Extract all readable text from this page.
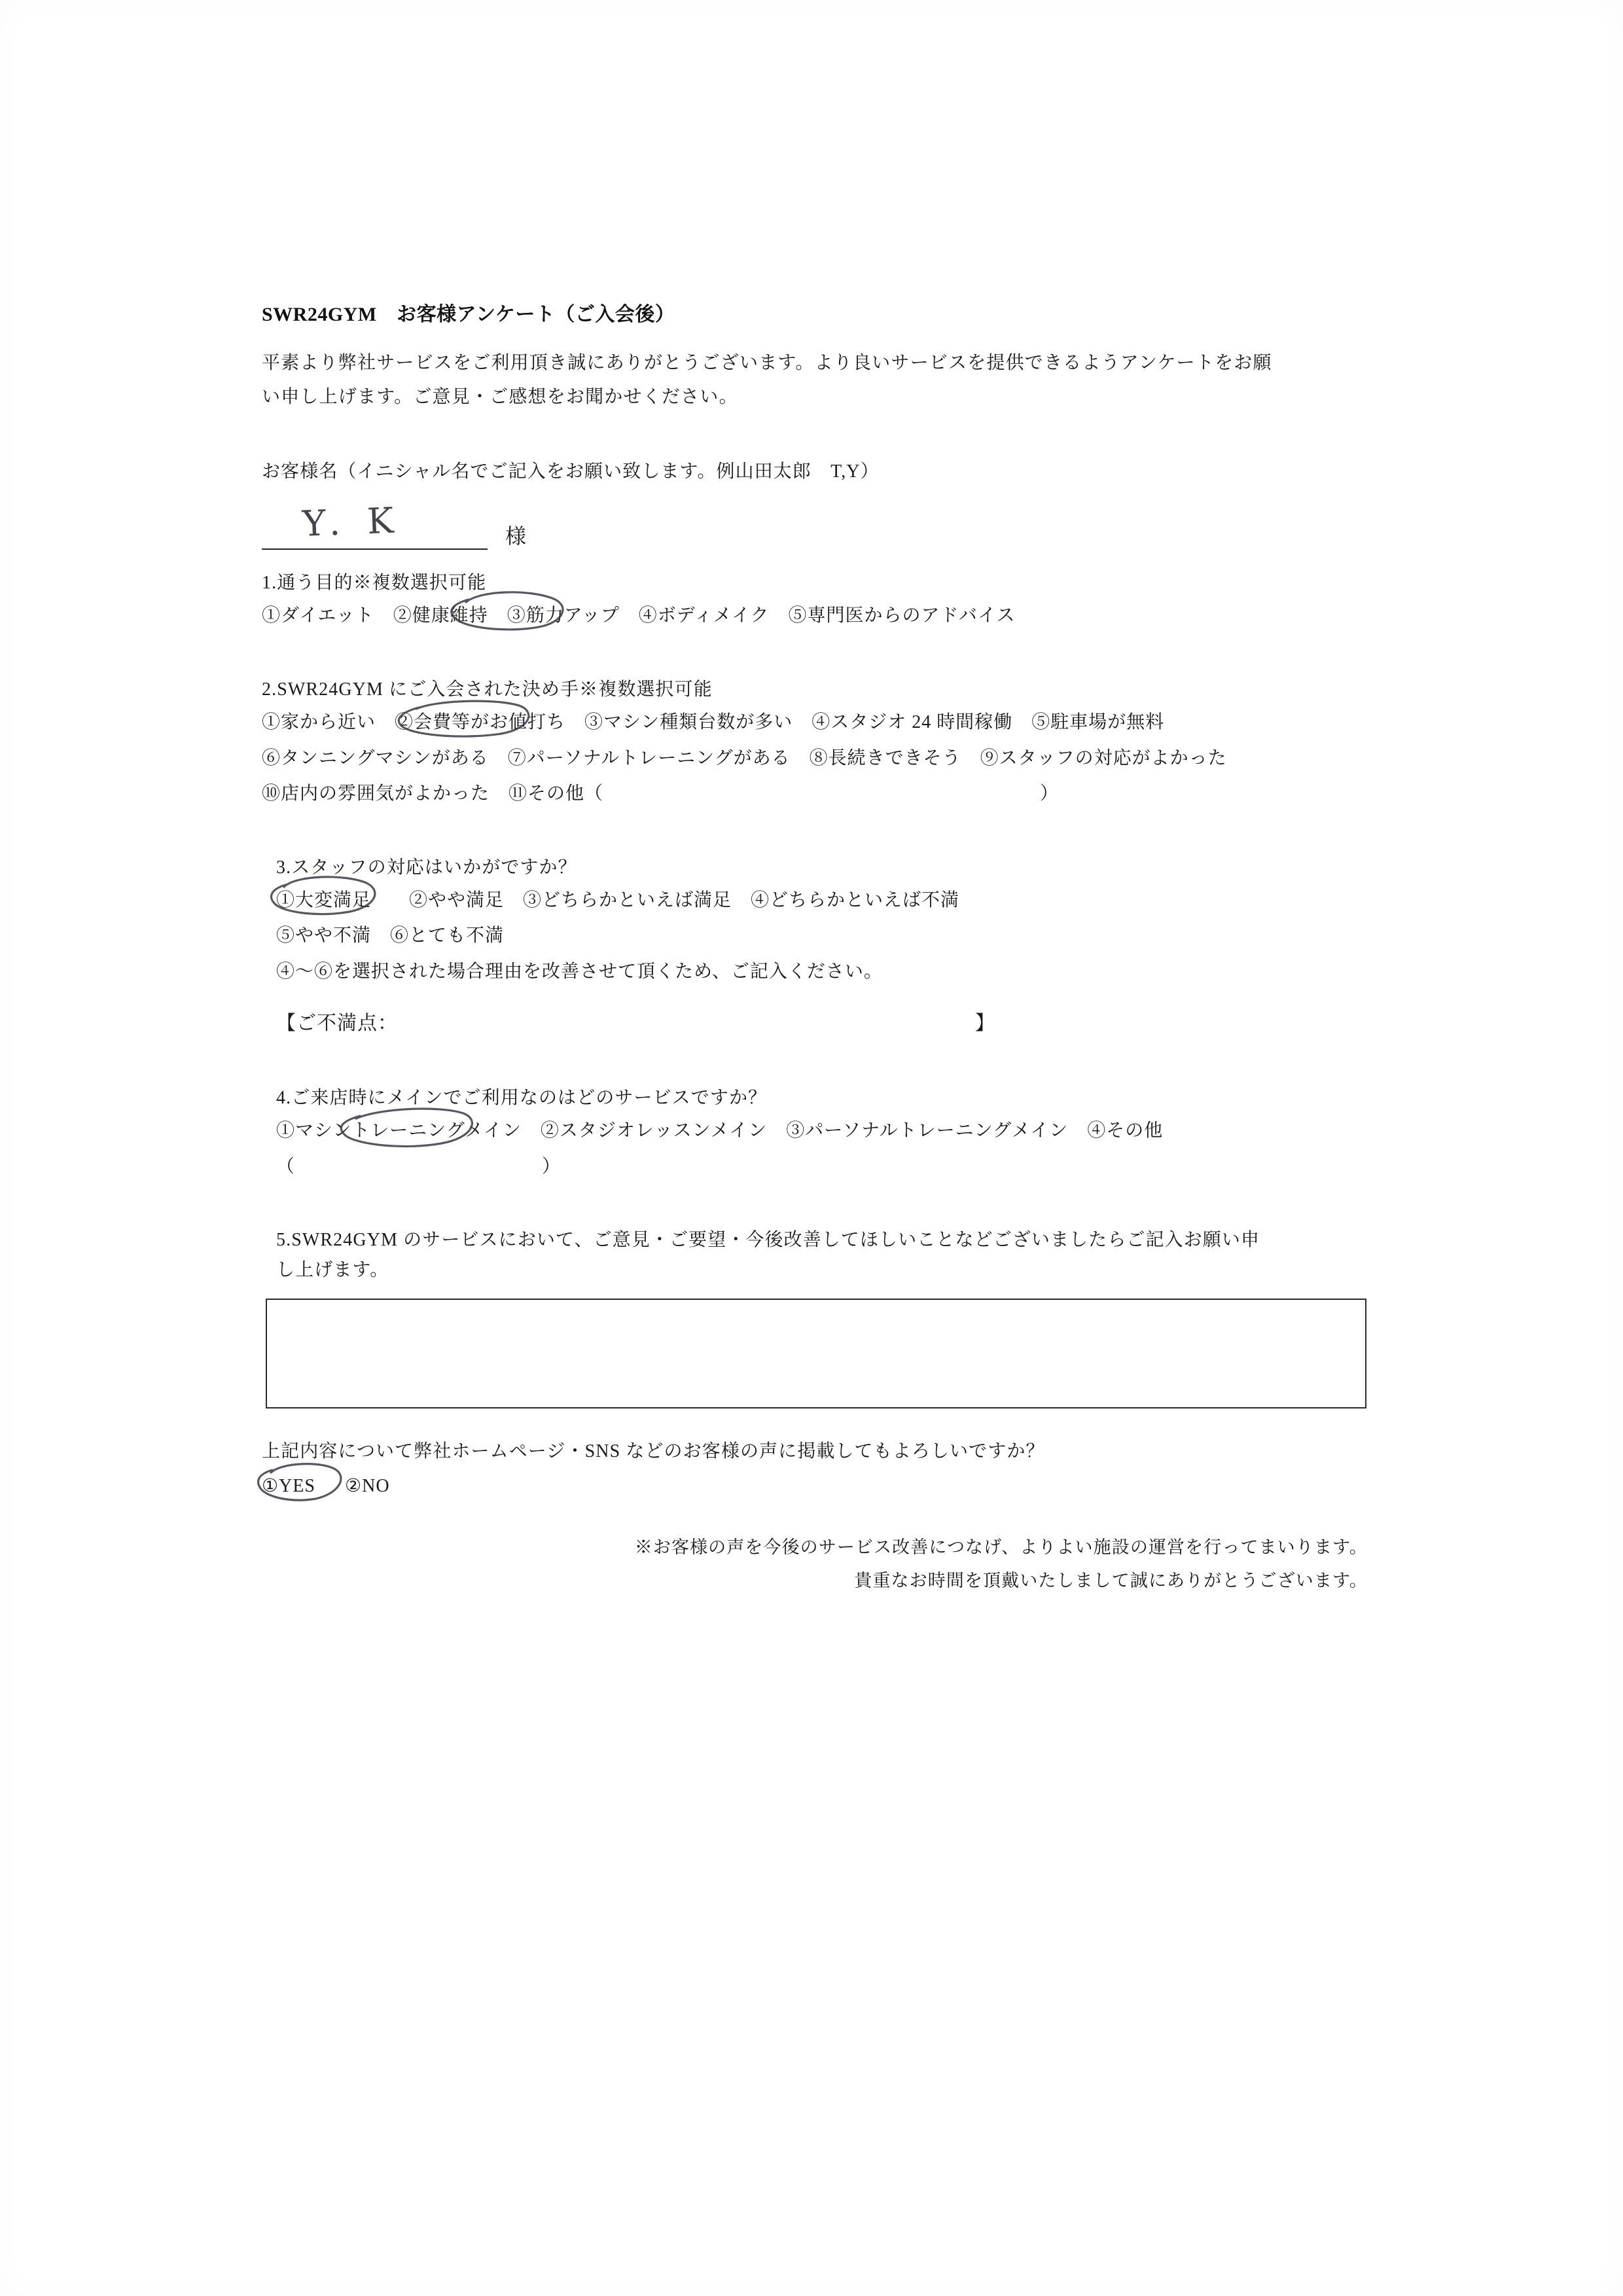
SWR24GYM　お客様アンケート（ご入会後）
平素より弊社サービスをご利用頂き誠にありがとうございます。より良いサービスを提供できるようアンケートをお願
い申し上げます。ご意見・ご感想をお聞かせください。
お客様名（イニシャル名でご記入をお願い致します。例山田太郎　T,Y）
Y. K	様
1.通う目的※複数選択可能
①ダイエット　②健康維持　③筋力アップ　④ボディメイク　⑤専門医からのアドバイス
2.SWR24GYM にご入会された決め手※複数選択可能
①家から近い　②会費等がお値打ち　③マシン種類台数が多い　④スタジオ 24 時間稼働　⑤駐車場が無料
⑥タンニングマシンがある　⑦パーソナルトレーニングがある　⑧長続きできそう　⑨スタッフの対応がよかった
⑩店内の雰囲気がよかった　⑪その他（　　　　　　　　　　　　　　　　　　　　　　　）
3.スタッフの対応はいかがですか？
①大変満足　　②やや満足　③どちらかといえば満足　④どちらかといえば不満
⑤やや不満　⑥とても不満
④～⑥を選択された場合理由を改善させて頂くため、ご記入ください。
【ご不満点：	】
4.ご来店時にメインでご利用なのはどのサービスですか？
①マシントレーニングメイン　②スタジオレッスンメイン　③パーソナルトレーニングメイン　④その他
（　　　　　　　　　　　　　）
5.SWR24GYM のサービスにおいて、ご意見・ご要望・今後改善してほしいことなどございましたらご記入お願い申
し上げます。
上記内容について弊社ホームページ・SNS などのお客様の声に掲載してもよろしいですか？
①YES 　 ②NO
※お客様の声を今後のサービス改善につなげ、よりよい施設の運営を行ってまいります。
貴重なお時間を頂戴いたしまして誠にありがとうございます。
